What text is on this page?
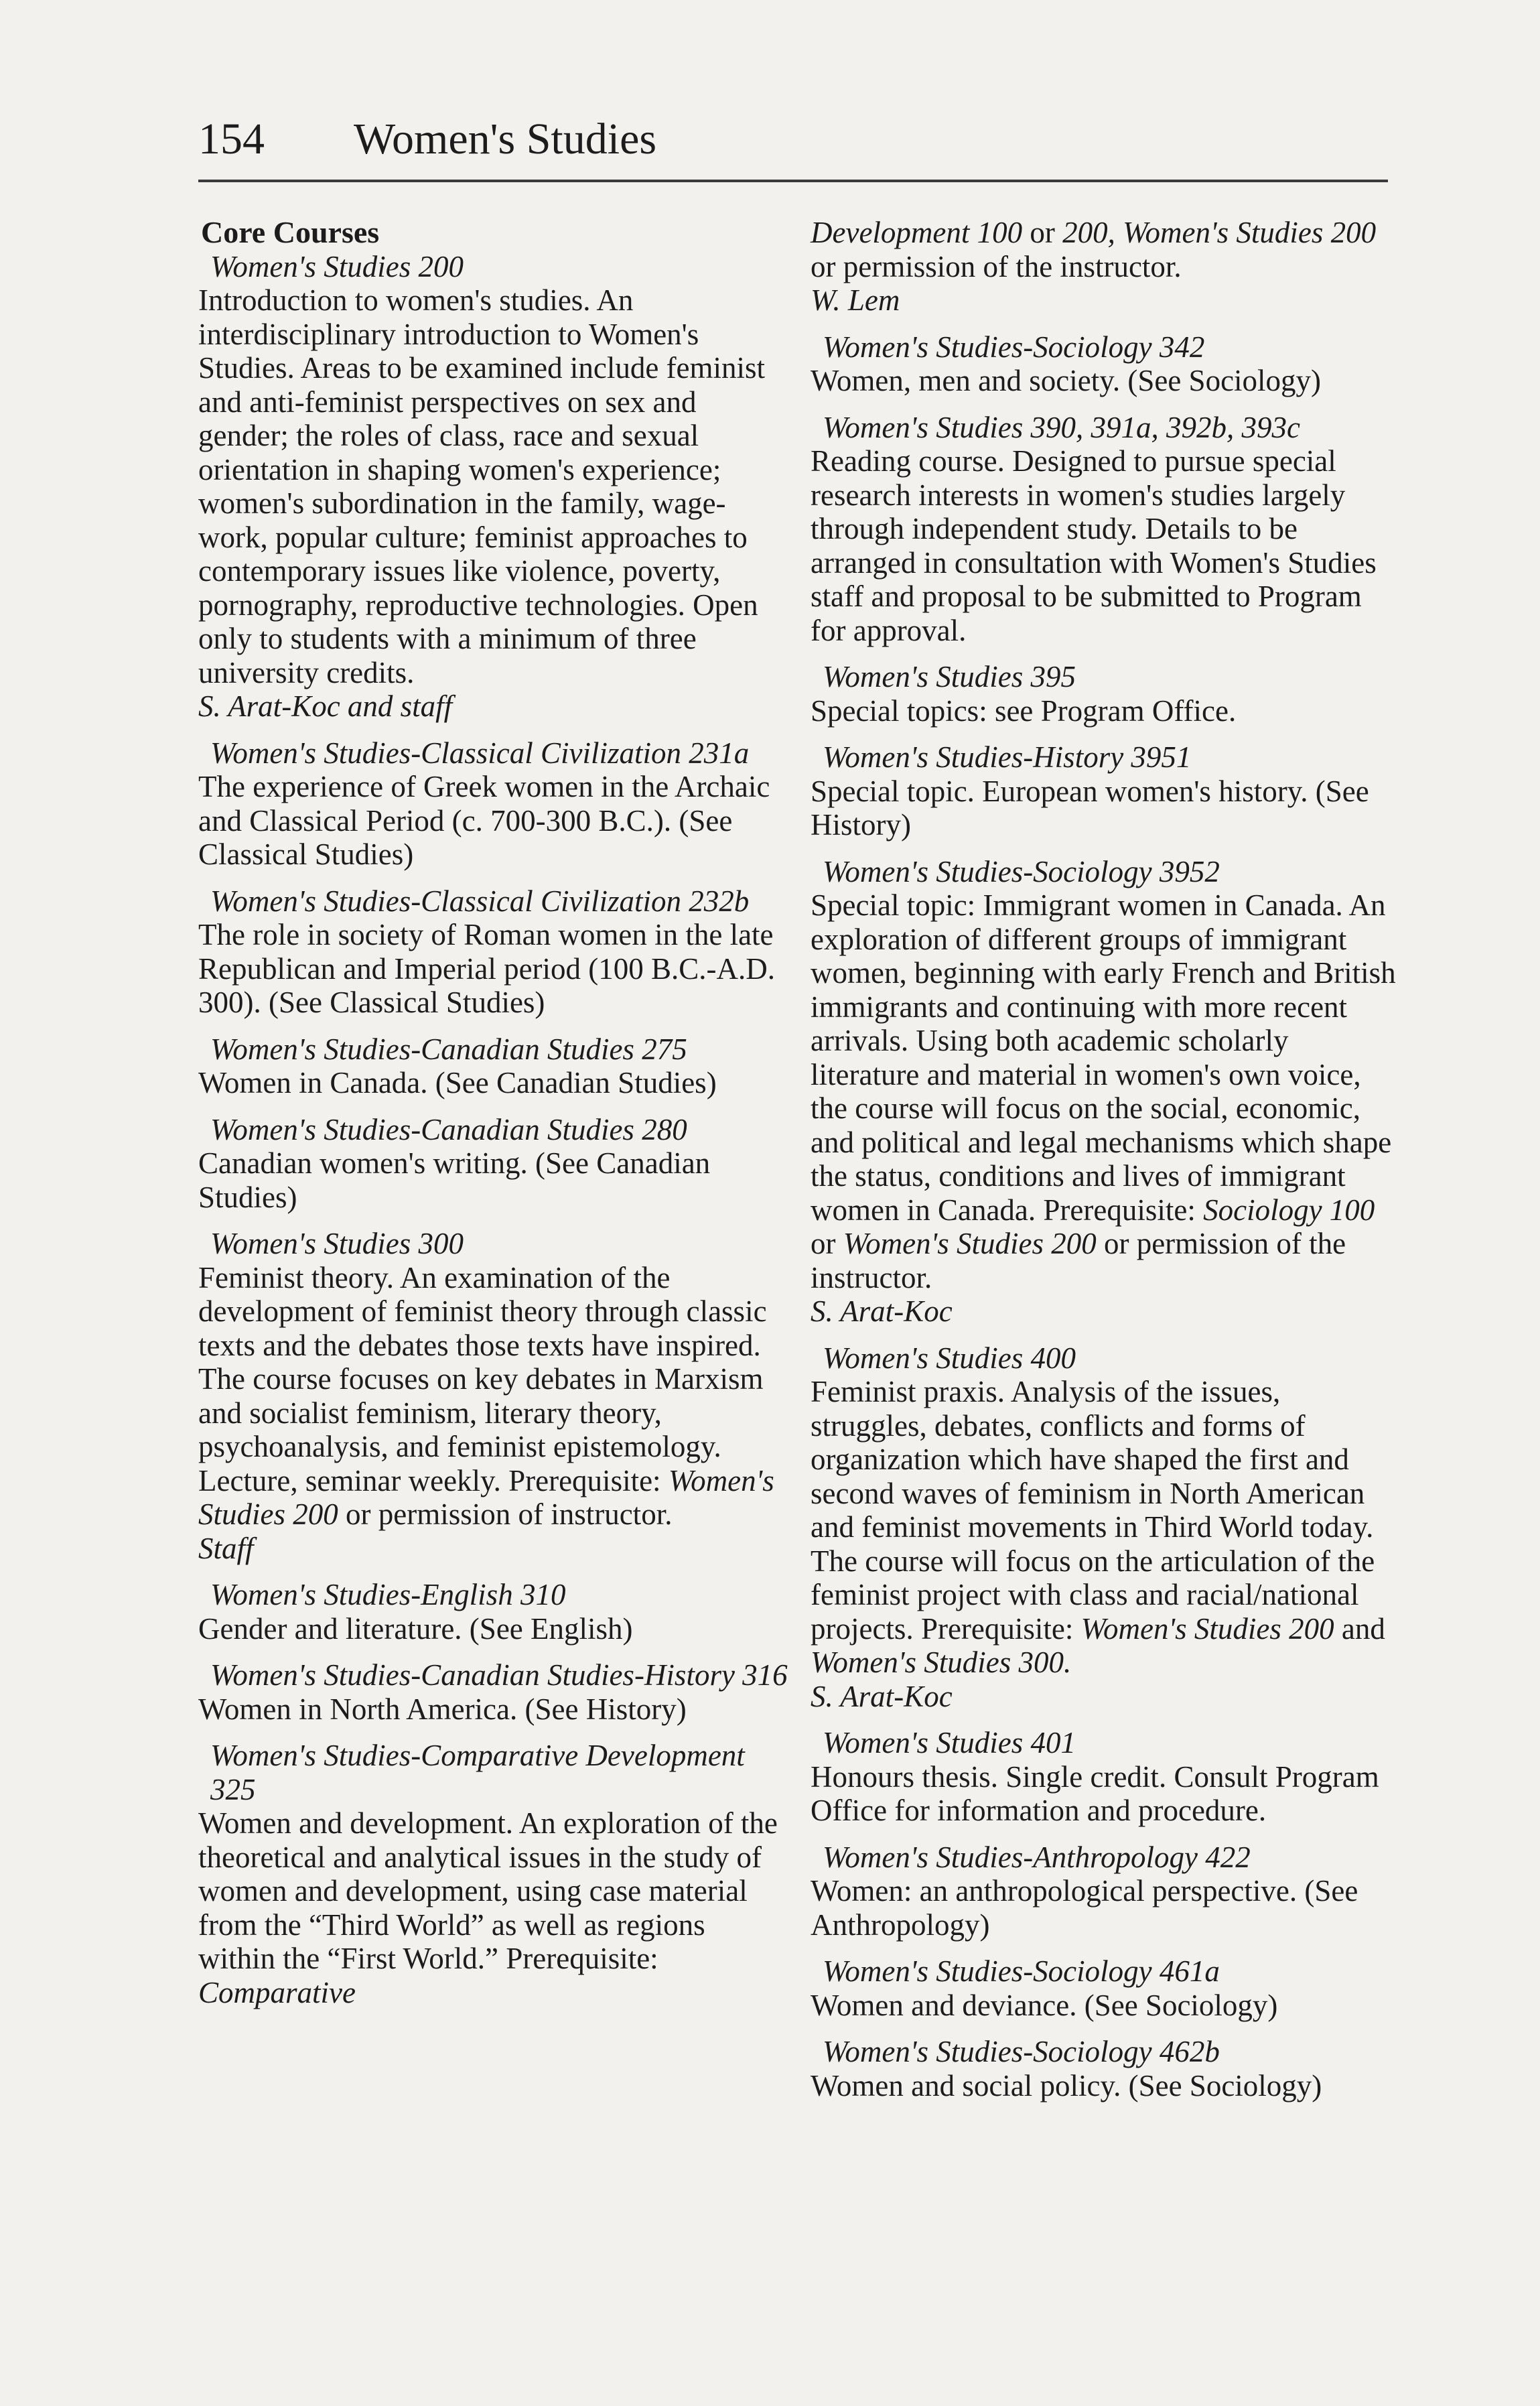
154 Women's Studies
Core Courses
Women's Studies 200
Introduction to women's studies. An interdisciplinary introduction to Women's Studies. Areas to be examined include feminist and anti-feminist perspectives on sex and gender; the roles of class, race and sexual orientation in shaping women's experience; women's subordination in the family, wage-work, popular culture; feminist approaches to contemporary issues like violence, poverty, pornography, reproductive technologies. Open only to students with a minimum of three university credits.
S. Arat-Koc and staff
Women's Studies-Classical Civilization 231a
The experience of Greek women in the Archaic and Classical Period (c. 700-300 B.C.). (See Classical Studies)
Women's Studies-Classical Civilization 232b
The role in society of Roman women in the late Republican and Imperial period (100 B.C.-A.D. 300). (See Classical Studies)
Women's Studies-Canadian Studies 275
Women in Canada. (See Canadian Studies)
Women's Studies-Canadian Studies 280
Canadian women's writing. (See Canadian Studies)
Women's Studies 300
Feminist theory. An examination of the development of feminist theory through classic texts and the debates those texts have inspired. The course focuses on key debates in Marxism and socialist feminism, literary theory, psychoanalysis, and feminist epistemology. Lecture, seminar weekly. Prerequisite: Women's Studies 200 or permission of instructor.
Staff
Women's Studies-English 310
Gender and literature. (See English)
Women's Studies-Canadian Studies-History 316
Women in North America. (See History)
Women's Studies-Comparative Development 325
Women and development. An exploration of the theoretical and analytical issues in the study of women and development, using case material from the “Third World” as well as regions within the “First World.” Prerequisite: Comparative
Development 100 or 200, Women's Studies 200 or permission of the instructor.
W. Lem
Women's Studies-Sociology 342
Women, men and society. (See Sociology)
Women's Studies 390, 391a, 392b, 393c
Reading course. Designed to pursue special research interests in women's studies largely through independent study. Details to be arranged in consultation with Women's Studies staff and proposal to be submitted to Program for approval.
Women's Studies 395
Special topics: see Program Office.
Women's Studies-History 3951
Special topic. European women's history. (See History)
Women's Studies-Sociology 3952
Special topic: Immigrant women in Canada. An exploration of different groups of immigrant women, beginning with early French and British immigrants and continuing with more recent arrivals. Using both academic scholarly literature and material in women's own voice, the course will focus on the social, economic, and political and legal mechanisms which shape the status, conditions and lives of immigrant women in Canada. Prerequisite: Sociology 100 or Women's Studies 200 or permission of the instructor.
S. Arat-Koc
Women's Studies 400
Feminist praxis. Analysis of the issues, struggles, debates, conflicts and forms of organization which have shaped the first and second waves of feminism in North American and feminist movements in Third World today. The course will focus on the articulation of the feminist project with class and racial/national projects. Prerequisite: Women's Studies 200 and Women's Studies 300.
S. Arat-Koc
Women's Studies 401
Honours thesis. Single credit. Consult Program Office for information and procedure.
Women's Studies-Anthropology 422
Women: an anthropological perspective. (See Anthropology)
Women's Studies-Sociology 461a
Women and deviance. (See Sociology)
Women's Studies-Sociology 462b
Women and social policy. (See Sociology)
